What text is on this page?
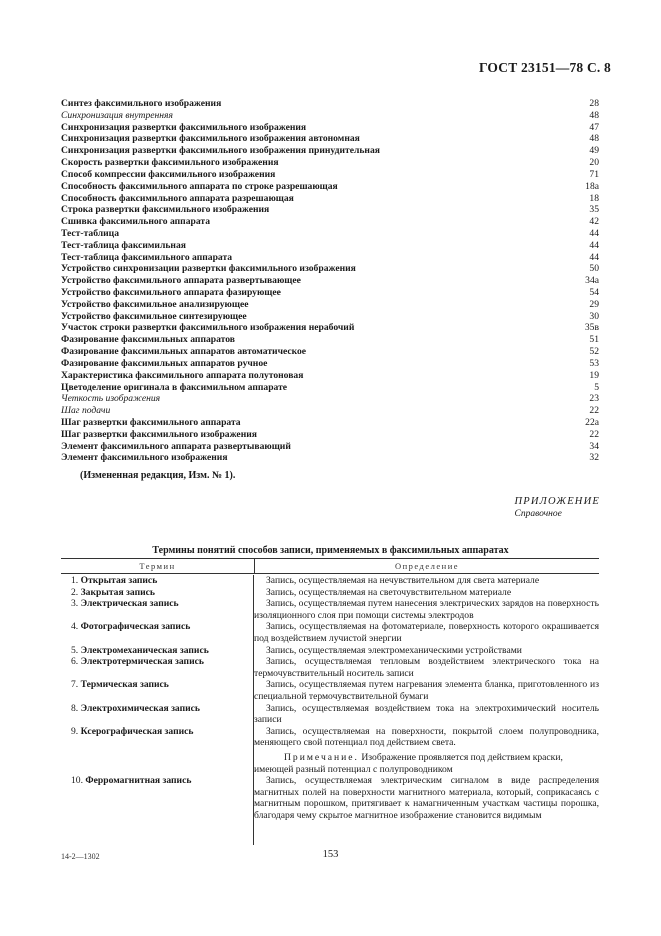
ГОСТ 23151—78 С. 8
Синтез факсимильного изображения	28
Синхронизация внутренняя	48
Синхронизация развертки факсимильного изображения	47
Синхронизация развертки факсимильного изображения автономная	48
Синхронизация развертки факсимильного изображения принудительная	49
Скорость развертки факсимильного изображения	20
Способ компрессии факсимильного изображения	71
Способность факсимильного аппарата по строке разрешающая	18а
Способность факсимильного аппарата разрешающая	18
Строка развертки факсимильного изображения	35
Сшивка факсимильного аппарата	42
Тест-таблица	44
Тест-таблица факсимильная	44
Тест-таблица факсимильного аппарата	44
Устройство синхронизации развертки факсимильного изображения	50
Устройство факсимильного аппарата развертывающее	34а
Устройство факсимильного аппарата фазирующее	54
Устройство факсимильное анализирующее	29
Устройство факсимильное синтезирующее	30
Участок строки развертки факсимильного изображения нерабочий	35в
Фазирование факсимильных аппаратов	51
Фазирование факсимильных аппаратов автоматическое	52
Фазирование факсимильных аппаратов ручное	53
Характеристика факсимильного аппарата полутоновая	19
Цветоделение оригинала в факсимильном аппарате	5
Четкость изображения	23
Шаг подачи	22
Шаг развертки факсимильного аппарата	22а
Шаг развертки факсимильного изображения	22
Элемент факсимильного аппарата развертывающий	34
Элемент факсимильного изображения	32
(Измененная редакция, Изм. № 1).
ПРИЛОЖЕНИЕ
Справочное
Термины понятий способов записи, применяемых в факсимильных аппаратах
Термин	Определение
1. Открытая запись	Запись, осуществляемая на нечувствительном для света материале
2. Закрытая запись	Запись, осуществляемая на светочувствительном материале
3. Электрическая запись	Запись, осуществляемая путем нанесения электрических зарядов на поверхность изоляционного слоя при помощи системы электродов
4. Фотографическая запись	Запись, осуществляемая на фотоматериале, поверхность которого окрашивается под воздействием лучистой энергии
5. Электромеханическая запись	Запись, осуществляемая электромеханическими устройствами
6. Электротермическая запись	Запись, осуществляемая тепловым воздействием электрического тока на термочувствительный носитель записи
7. Термическая запись	Запись, осуществляемая путем нагревания элемента бланка, приготовленного из специальной термочувствительной бумаги
8. Электрохимическая запись	Запись, осуществляемая воздействием тока на электрохимический носитель записи
9. Ксерографическая запись	Запись, осуществляемая на поверхности, покрытой слоем полупроводника, меняющего свой потенциал под действием света.
Примечание. Изображение проявляется под действием краски, имеющей разный потенциал с полупроводником
10. Ферромагнитная запись	Запись, осуществляемая электрическим сигналом в виде распределения магнитных полей на поверхности магнитного материала, который, соприкасаясь с магнитным порошком, притягивает к намагниченным участкам частицы порошка, благодаря чему скрытое магнитное изображение становится видимым
14-2—1302	153
